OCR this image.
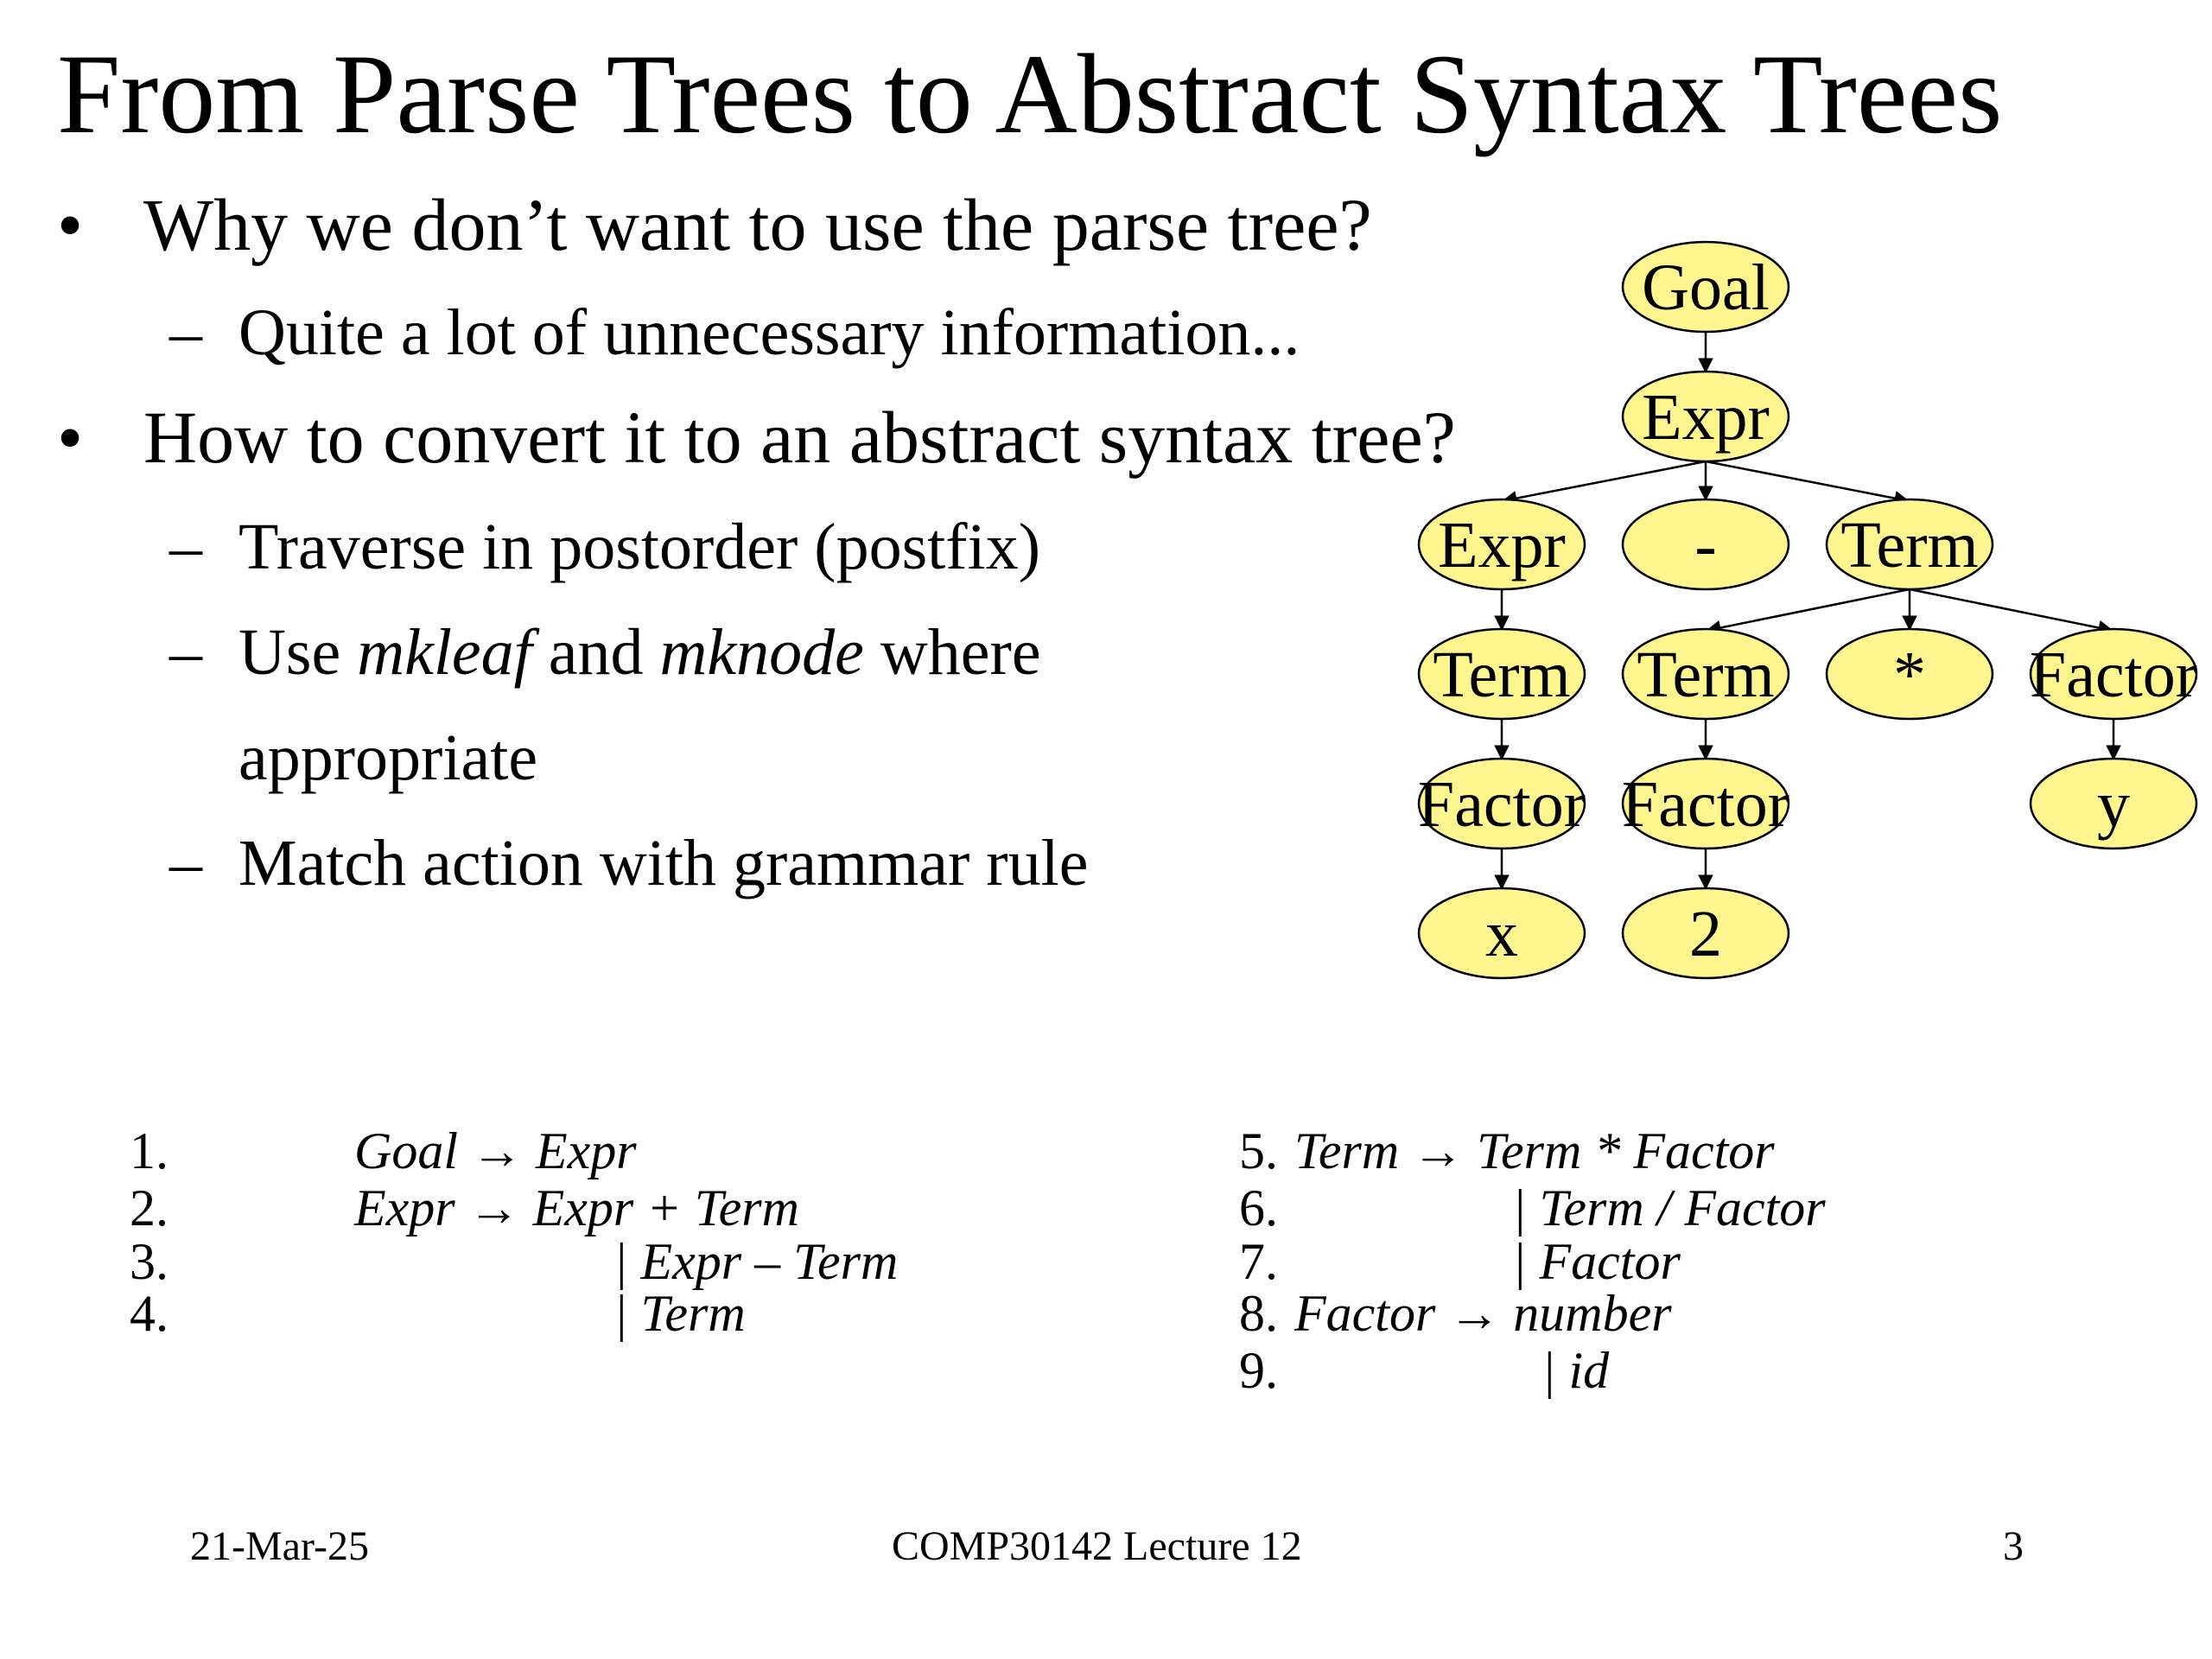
From Parse Trees to Abstract Syntax Trees
• Why we don’t want to use the parse tree?
– Quite a lot of unnecessary information...
• How to convert it to an abstract syntax tree?
– Traverse in postorder (postfix)
– Use mkleaf and mknode where
appropriate
– Match action with grammar rule
Goal
Expr
Expr - Term
Term Term *
Factor Factor
Factor
y
x	2
1.	Goal → Expr
2.	Expr → Expr + Term
3.	| Expr – Term
4.	| Term
5. Term → Term * Factor
6.	| Term / Factor
7.	| Factor
8. Factor → number
9.	| id
21-Mar-25	COMP30142 Lecture 12	3
